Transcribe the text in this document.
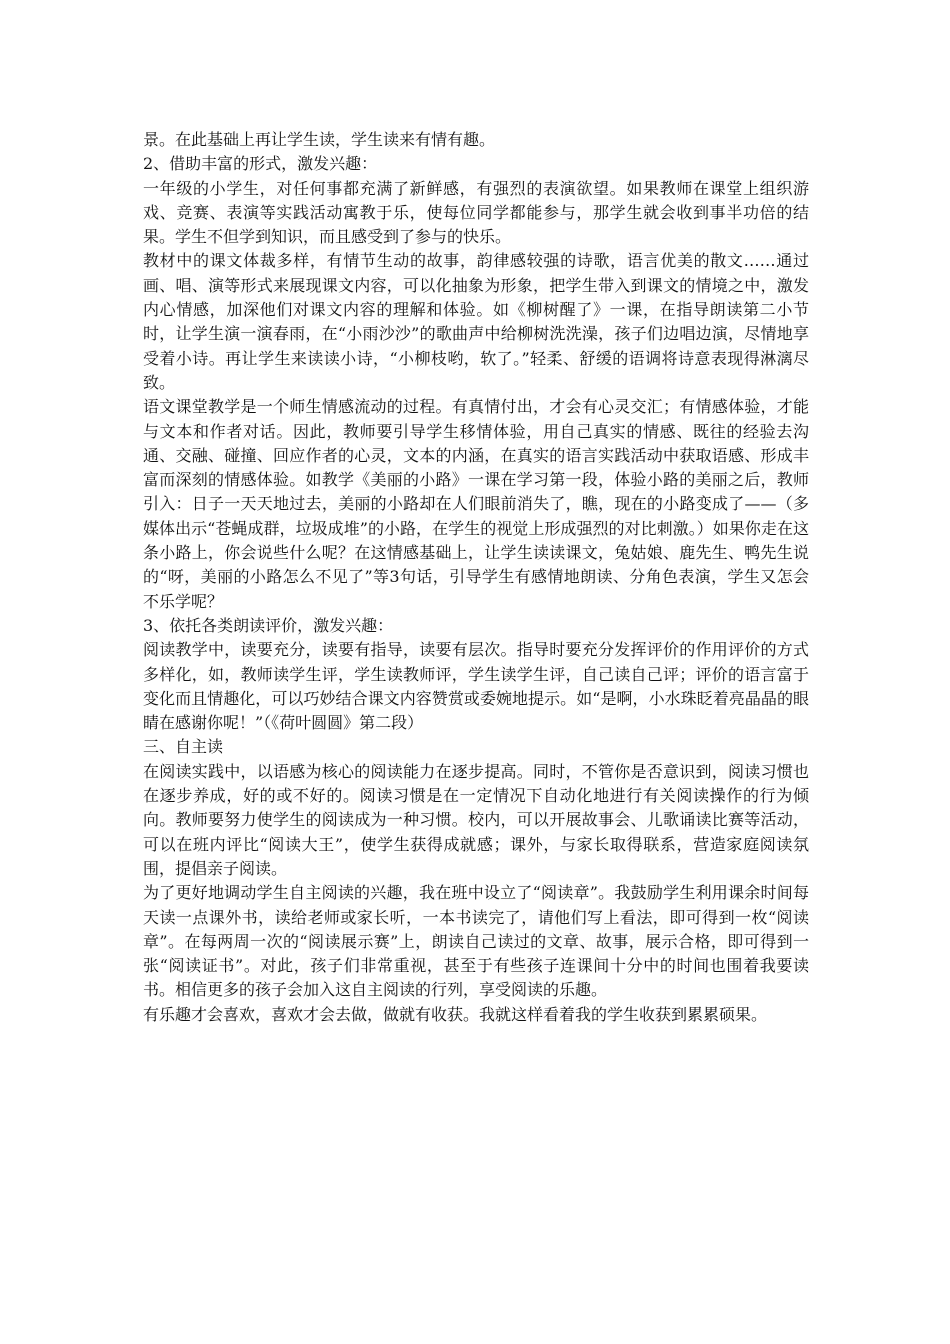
景。在此基础上再让学生读，学生读来有情有趣。

2、借助丰富的形式，激发兴趣：

一年级的小学生，对任何事都充满了新鲜感，有强烈的表演欲望。如果教师在课堂上组织游戏、竞赛、表演等实践活动寓教于乐，使每位同学都能参与，那学生就会收到事半功倍的结果。学生不但学到知识，而且感受到了参与的快乐。

教材中的课文体裁多样，有情节生动的故事，韵律感较强的诗歌，语言优美的散文……通过画、唱、演等形式来展现课文内容，可以化抽象为形象，把学生带入到课文的情境之中，激发内心情感，加深他们对课文内容的理解和体验。如《柳树醒了》一课，在指导朗读第二小节时，让学生演一演春雨，在“小雨沙沙”的歌曲声中给柳树洗洗澡，孩子们边唱边演，尽情地享受着小诗。再让学生来读读小诗，“小柳枝哟，软了。”轻柔、舒缓的语调将诗意表现得淋漓尽致。

语文课堂教学是一个师生情感流动的过程。有真情付出，才会有心灵交汇；有情感体验，才能与文本和作者对话。因此，教师要引导学生移情体验，用自己真实的情感、既往的经验去沟通、交融、碰撞、回应作者的心灵，文本的内涵，在真实的语言实践活动中获取语感、形成丰富而深刻的情感体验。如教学《美丽的小路》一课在学习第一段，体验小路的美丽之后，教师引入：日子一天天地过去，美丽的小路却在人们眼前消失了，瞧，现在的小路变成了——（多媒体出示“苍蝇成群，垃圾成堆”的小路，在学生的视觉上形成强烈的对比刺激。）如果你走在这条小路上，你会说些什么呢？在这情感基础上，让学生读读课文，兔姑娘、鹿先生、鸭先生说的“呀，美丽的小路怎么不见了”等3句话，引导学生有感情地朗读、分角色表演，学生又怎会不乐学呢？

3、依托各类朗读评价，激发兴趣：

阅读教学中，读要充分，读要有指导，读要有层次。指导时要充分发挥评价的作用评价的方式多样化，如，教师读学生评，学生读教师评，学生读学生评，自己读自己评；评价的语言富于变化而且情趣化，可以巧妙结合课文内容赞赏或委婉地提示。如“是啊，小水珠眨着亮晶晶的眼睛在感谢你呢！”（《荷叶圆圆》第二段）

三、自主读

在阅读实践中，以语感为核心的阅读能力在逐步提高。同时，不管你是否意识到，阅读习惯也在逐步养成，好的或不好的。阅读习惯是在一定情况下自动化地进行有关阅读操作的行为倾向。教师要努力使学生的阅读成为一种习惯。校内，可以开展故事会、儿歌诵读比赛等活动，可以在班内评比“阅读大王”，使学生获得成就感；课外，与家长取得联系，营造家庭阅读氛围，提倡亲子阅读。

为了更好地调动学生自主阅读的兴趣，我在班中设立了“阅读章”。我鼓励学生利用课余时间每天读一点课外书，读给老师或家长听，一本书读完了，请他们写上看法，即可得到一枚“阅读章”。在每两周一次的“阅读展示赛”上，朗读自己读过的文章、故事，展示合格，即可得到一张“阅读证书”。对此，孩子们非常重视，甚至于有些孩子连课间十分中的时间也围着我要读书。相信更多的孩子会加入这自主阅读的行列，享受阅读的乐趣。

有乐趣才会喜欢，喜欢才会去做，做就有收获。我就这样看着我的学生收获到累累硕果。
